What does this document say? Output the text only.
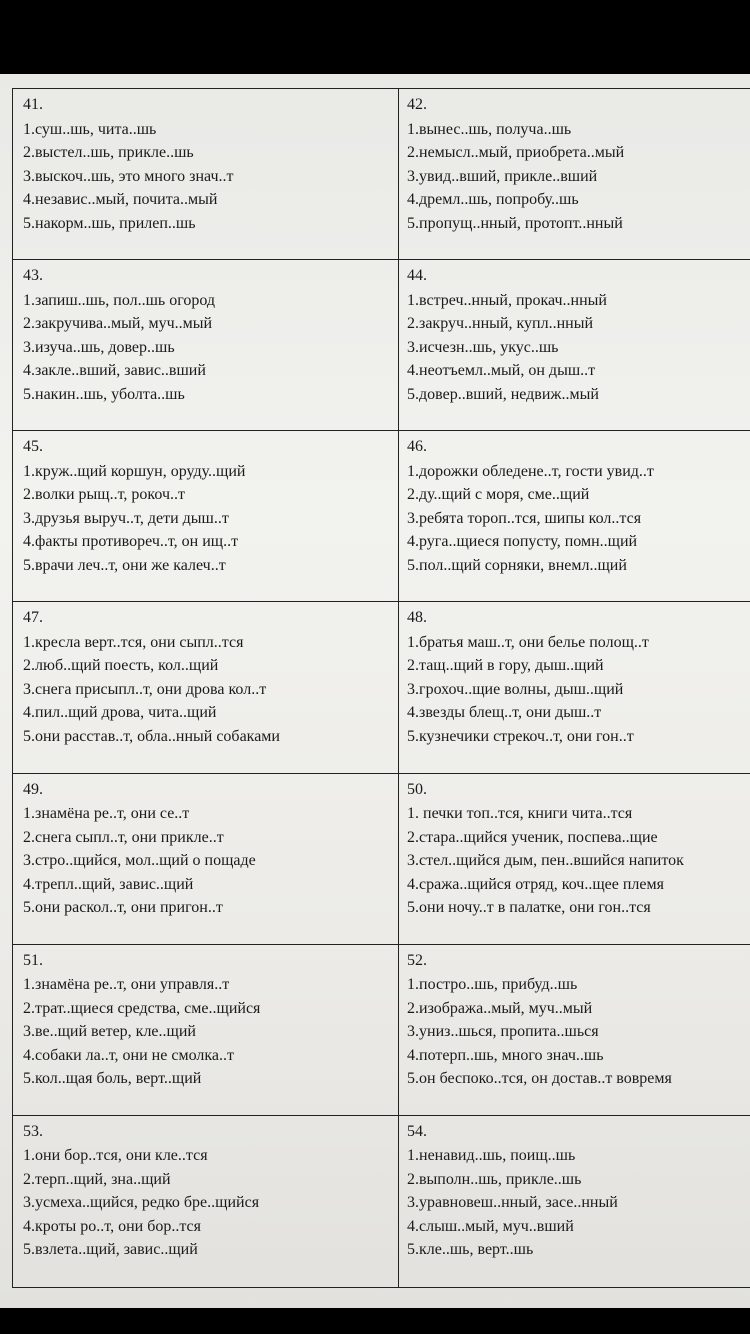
41.
1.суш..шь, чита..шь
2.выстел..шь, прикле..шь
3.выскоч..шь, это много знач..т
4.независ..мый, почита..мый
5.накорм..шь, прилеп..шь
42.
1.вынес..шь, получа..шь
2.немысл..мый, приобрета..мый
3.увид..вший, прикле..вший
4.дремл..шь, попробу..шь
5.пропущ..нный, протопт..нный
43.
1.запиш..шь, пол..шь огород
2.закручива..мый, муч..мый
3.изуча..шь, довер..шь
4.закле..вший, завис..вший
5.накин..шь, уболта..шь
44.
1.встреч..нный, прокач..нный
2.закруч..нный, купл..нный
3.исчезн..шь, укус..шь
4.неотъемл..мый, он дыш..т
5.довер..вший, недвиж..мый
45.
1.круж..щий коршун, оруду..щий
2.волки рыщ..т, рокоч..т
3.друзья выруч..т, дети дыш..т
4.факты противореч..т, он ищ..т
5.врачи леч..т, они же калеч..т
46.
1.дорожки обледене..т, гости увид..т
2.ду..щий с моря, сме..щий
3.ребята тороп..тся, шипы кол..тся
4.руга..щиеся попусту, помн..щий
5.пол..щий сорняки, внемл..щий
47.
1.кресла верт..тся, они сыпл..тся
2.люб..щий поесть, кол..щий
3.снега присыпл..т, они дрова кол..т
4.пил..щий дрова, чита..щий
5.они расстав..т, обла..нный собаками
48.
1.братья маш..т, они белье полощ..т
2.тащ..щий в гору, дыш..щий
3.грохоч..щие волны, дыш..щий
4.звезды блещ..т, они дыш..т
5.кузнечики стрекоч..т, они гон..т
49.
1.знамёна ре..т, они се..т
2.снега сыпл..т, они прикле..т
3.стро..щийся, мол..щий о пощаде
4.трепл..щий, завис..щий
5.они раскол..т, они пригон..т
50.
1. печки топ..тся, книги чита..тся
2.стара..щийся ученик, поспева..щие
3.стел..щийся дым, пен..вшийся напиток
4.сража..щийся отряд, коч..щее племя
5.они ночу..т в палатке, они гон..тся
51.
1.знамёна ре..т, они управля..т
2.трат..щиеся средства, сме..щийся
3.ве..щий ветер, кле..щий
4.собаки ла..т, они не смолка..т
5.кол..щая боль, верт..щий
52.
1.постро..шь, прибуд..шь
2.изобража..мый, муч..мый
3.униз..шься, пропита..шься
4.потерп..шь, много знач..шь
5.он беспоко..тся, он достав..т вовремя
53.
1.они бор..тся, они кле..тся
2.терп..щий, зна..щий
3.усмеха..щийся, редко бре..щийся
4.кроты ро..т, они бор..тся
5.взлета..щий, завис..щий
54.
1.ненавид..шь, поищ..шь
2.выполн..шь, прикле..шь
3.уравновеш..нный, засе..нный
4.слыш..мый, муч..вший
5.кле..шь, верт..шь
